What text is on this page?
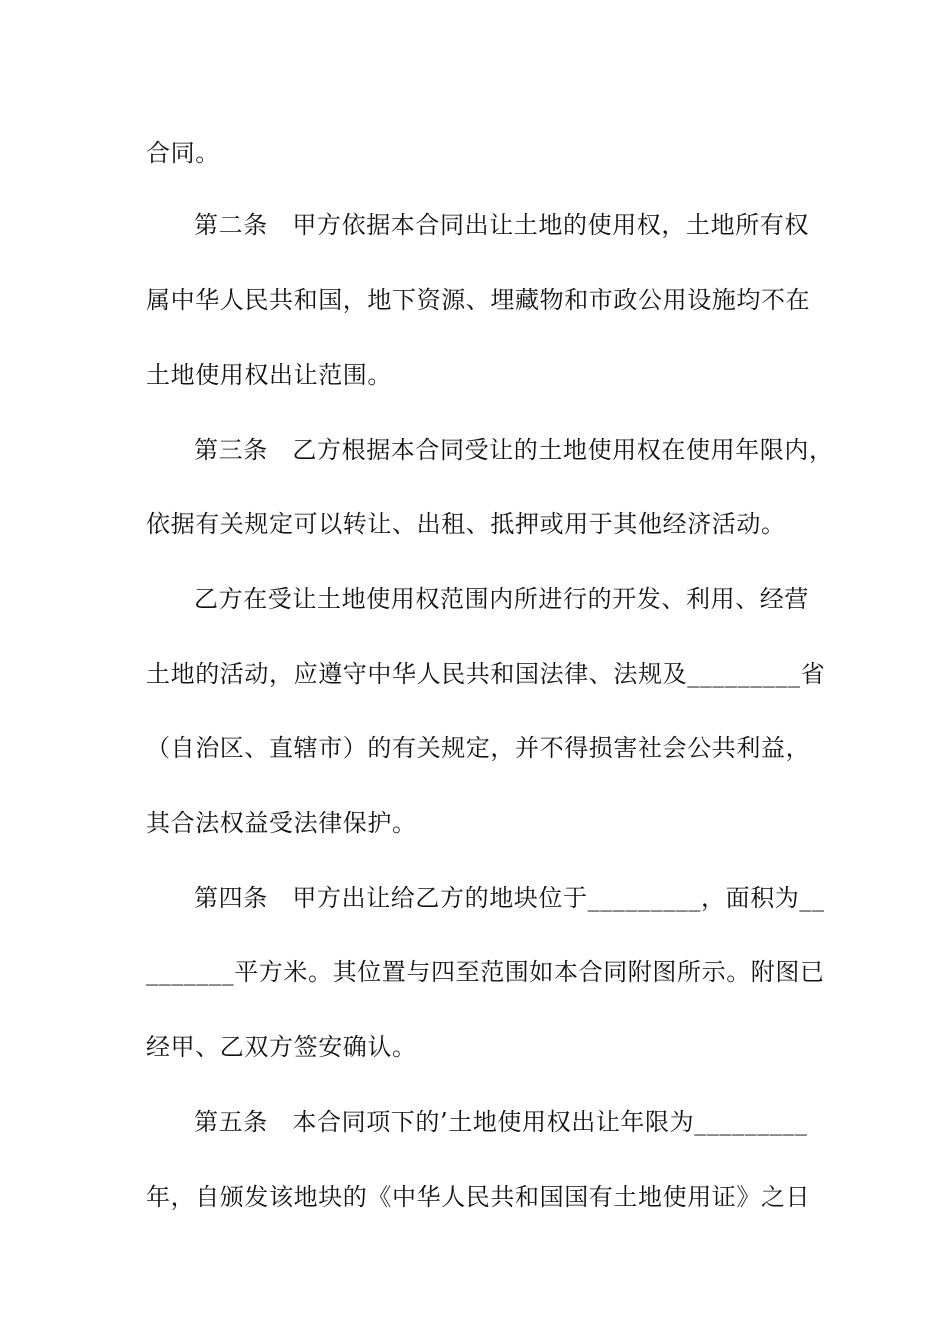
合同。
第二条　甲方依据本合同出让土地的使用权，土地所有权
属中华人民共和国，地下资源、埋藏物和市政公用设施均不在
土地使用权出让范围。
第三条　乙方根据本合同受让的土地使用权在使用年限内，
依据有关规定可以转让、出租、抵押或用于其他经济活动。
乙方在受让土地使用权范围内所进行的开发、利用、经营
土地的活动，应遵守中华人民共和国法律、法规及_________省
（自治区、直辖市）的有关规定，并不得损害社会公共利益，
其合法权益受法律保护。
第四条　甲方出让给乙方的地块位于_________，面积为__
_______平方米。其位置与四至范围如本合同附图所示。附图已
经甲、乙双方签安确认。
第五条　本合同项下的’土地使用权出让年限为_________
年，自颁发该地块的《中华人民共和国国有土地使用证》之日
